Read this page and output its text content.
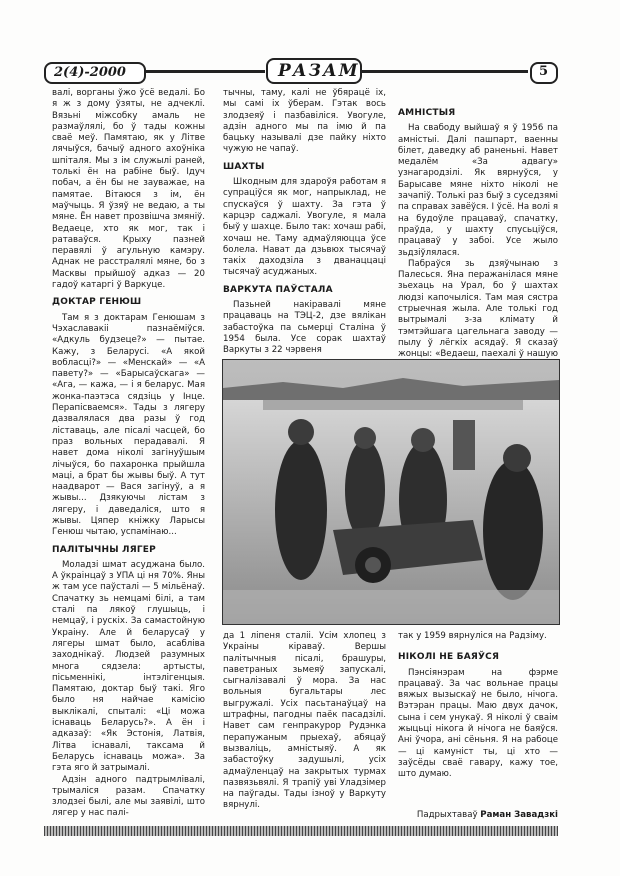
2(4)-2000	РАЗАМ	5

валі, ворганы ўжо ўсё ведалі. Бо я ж з дому ўзяты, не адчеклі. Вязьні міжсобку амаль не размаўлялі, бо ў тады кожны сваё меў. Памятаю, як у Літве лячыўся, бачыў адного ахоўніка шпіталя. Мы з ім служылі раней, толькі ён на рабіне быў. Ідуч побач, а ён бы не зауважае, на памятае. Вітаюся з ім, ён маўчыць. Я ўзяў не ведаю, а ты мяне. Ён навет прозвішча змяніў. Ведаеце, хто як мог, так і ратаваўся. Крыху пазней перавялі ў агульную камэру. Аднак не расстралялі мяне, бо з Масквы прыйшоў адказ — 20 гадоў катаргі ў Варкуце.

ДОКТАР ГЕНЮШ

Там я з доктарам Генюшам з Чэхаславакіі пазнаёміўся. «Адкуль будзеце?» — пытае. Кажу, з Беларусі. «А якой вобласці?» — «Менскай» — «А павету?» — «Барысаўскага» — «Ага, — кажа, — і я беларус. Мая жонка-паэтэса сядзіць у Інце. Перапісваемся». Тады з лягеру дазвалялася два разы ў год ліставаць, але пісалі часцей, бо праз вольных перадавалі. Я навет дома ніколі загінуўшым лічыўся, бо пахаронка прыйшла маці, а брат бы жывы быў. А тут наадварот — Вася загінуў, а я жывы... Дзякуючы лістам з лягеру, і даведаліся, што я жывы. Цяпер кніжку Ларысы Генюш чытаю, успамінаю...

ПАЛІТЫЧНЫ ЛЯГЕР

Моладзі шмат асуджана было. А ўкраінцаў з УПА ці ня 70%. Яны ж там усе паўсталі — 5 мільёнаў. Спачатку зь немцамі білі, а там сталі па лякоў глушыць, і немцаў, і рускіх. За самастойную Украіну. Але й беларусаў у лягеры шмат было, асабліва заходнікаў. Людзей разумных многа сядзела: артысты, пісьменнікі, інтэлігенцыя. Памятаю, доктар быў такі. Яго было ня найчае камісію выклікалі, спыталі: «Ці можа існаваць Беларусь?». А ён і адказаў: «Як Эстонія, Латвія, Літва існавалі, таксама й Беларусь існаваць можа». За гэта яго й затрымалі.

Адзін адного падтрымлівалі, трымаліся разам. Спачатку злодзеі былі, але мы заявілі, што лягер у нас палі-

тычны, таму, калі не ўбярацё іх, мы самі іх ўберам. Гэтак вось злодзеяў і пазбавіліся. Увогуле, адзін адного мы па імю й па бацьку называлі дзе пайку ніхто чужую не чапаў.

ШАХТЫ

Шкодным для здароўя работам я супраціўся як мог, напрыклад, не спускаўся ў шахту. За гэта ў карцэр саджалі. Увогуле, я мала быў у шахце. Было так: хочаш рабі, хочаш не. Таму адмаўляюцца ўсе болела. Нават да дзьвюх тысячаў такіх даходзіла з дванаццаці тысячаў асуджаных.

ВАРКУТА ПАЎСТАЛА

Пазьней накіравалі мяне працаваць на ТЭЦ-2, дзе вялікан забастоўка па сьмерці Сталіна ў 1954 была. Усе сорак шахтаў Варкуты з 22 чэрвеня

АМНІСТЫЯ

На свабоду выйшаў я ў 1956 па амністыі. Далі пашпарт, ваенны білет, даведку аб раненьні. Навет медалём «За адвагу» узнагародзілі. Як вярнуўся, у Барысаве мяне ніхто ніколі не зачапіў. Толькі раз быў з суседзямі па справах завёўся. І ўсё. На волі я на будоўле працаваў, спачатку, праўда, у шахту спусьціўся, працаваў у забоі. Усе жыло зьдзіўлялася.

Пабраўся зь дзяўчынаю з Палесься. Яна перажанілася мяне зьехаць на Урал, бо ў шахтах людзі капочыліся. Там мая сястра стрыечная жыла. Але толькі год вытрымалі з-за клімату й тэмтэйшага цагельнага заводу — пылу ў лёгкіх асядаў. Я сказаў жонцы: «Ведаеш, паехалі ў нашую

да 1 ліпеня сталіі. Усім хлопец з Украіны кіраваў. Вершы палітычныя пісалі, брашуры, паветраных зьмеяў запускалі, сыгналізавалі ў мора. За нас вольныя бугальтары лес выгружалі. Усіх пасьтанаўцаў на штрафны, пагодны паёк пасадзілі. Навет сам генпракурор Рудэнка перапужаным прыехаў, абяцаў вызваліць, амністыяў. А як забастоўку задушылі, усіх адмаўленцаў на закрытых турмах пазвязьвялі. Я трапіў уві Уладзімер на паўгады. Тады ізноў у Варкуту вярнулі.

так у 1959 вярнуліся на Радзіму.

НІКОЛІ НЕ БАЯЎСЯ

Пэнсіянэрам на фэрме працаваў. За час вольнае працы вяжых вызыскаў не было, нічога. Вэтэран працы. Маю двух дачок, сына і сем унукаў. Я ніколі ў сваім жыцьці нікога й нічога не баяўся. Ані ўчора, ані сёньня. Я на рабоце — ці камуніст ты, ці хто — заўсёды сваё гавару, кажу тое, што думаю.

Падрыхтаваў Раман Завадзкі
